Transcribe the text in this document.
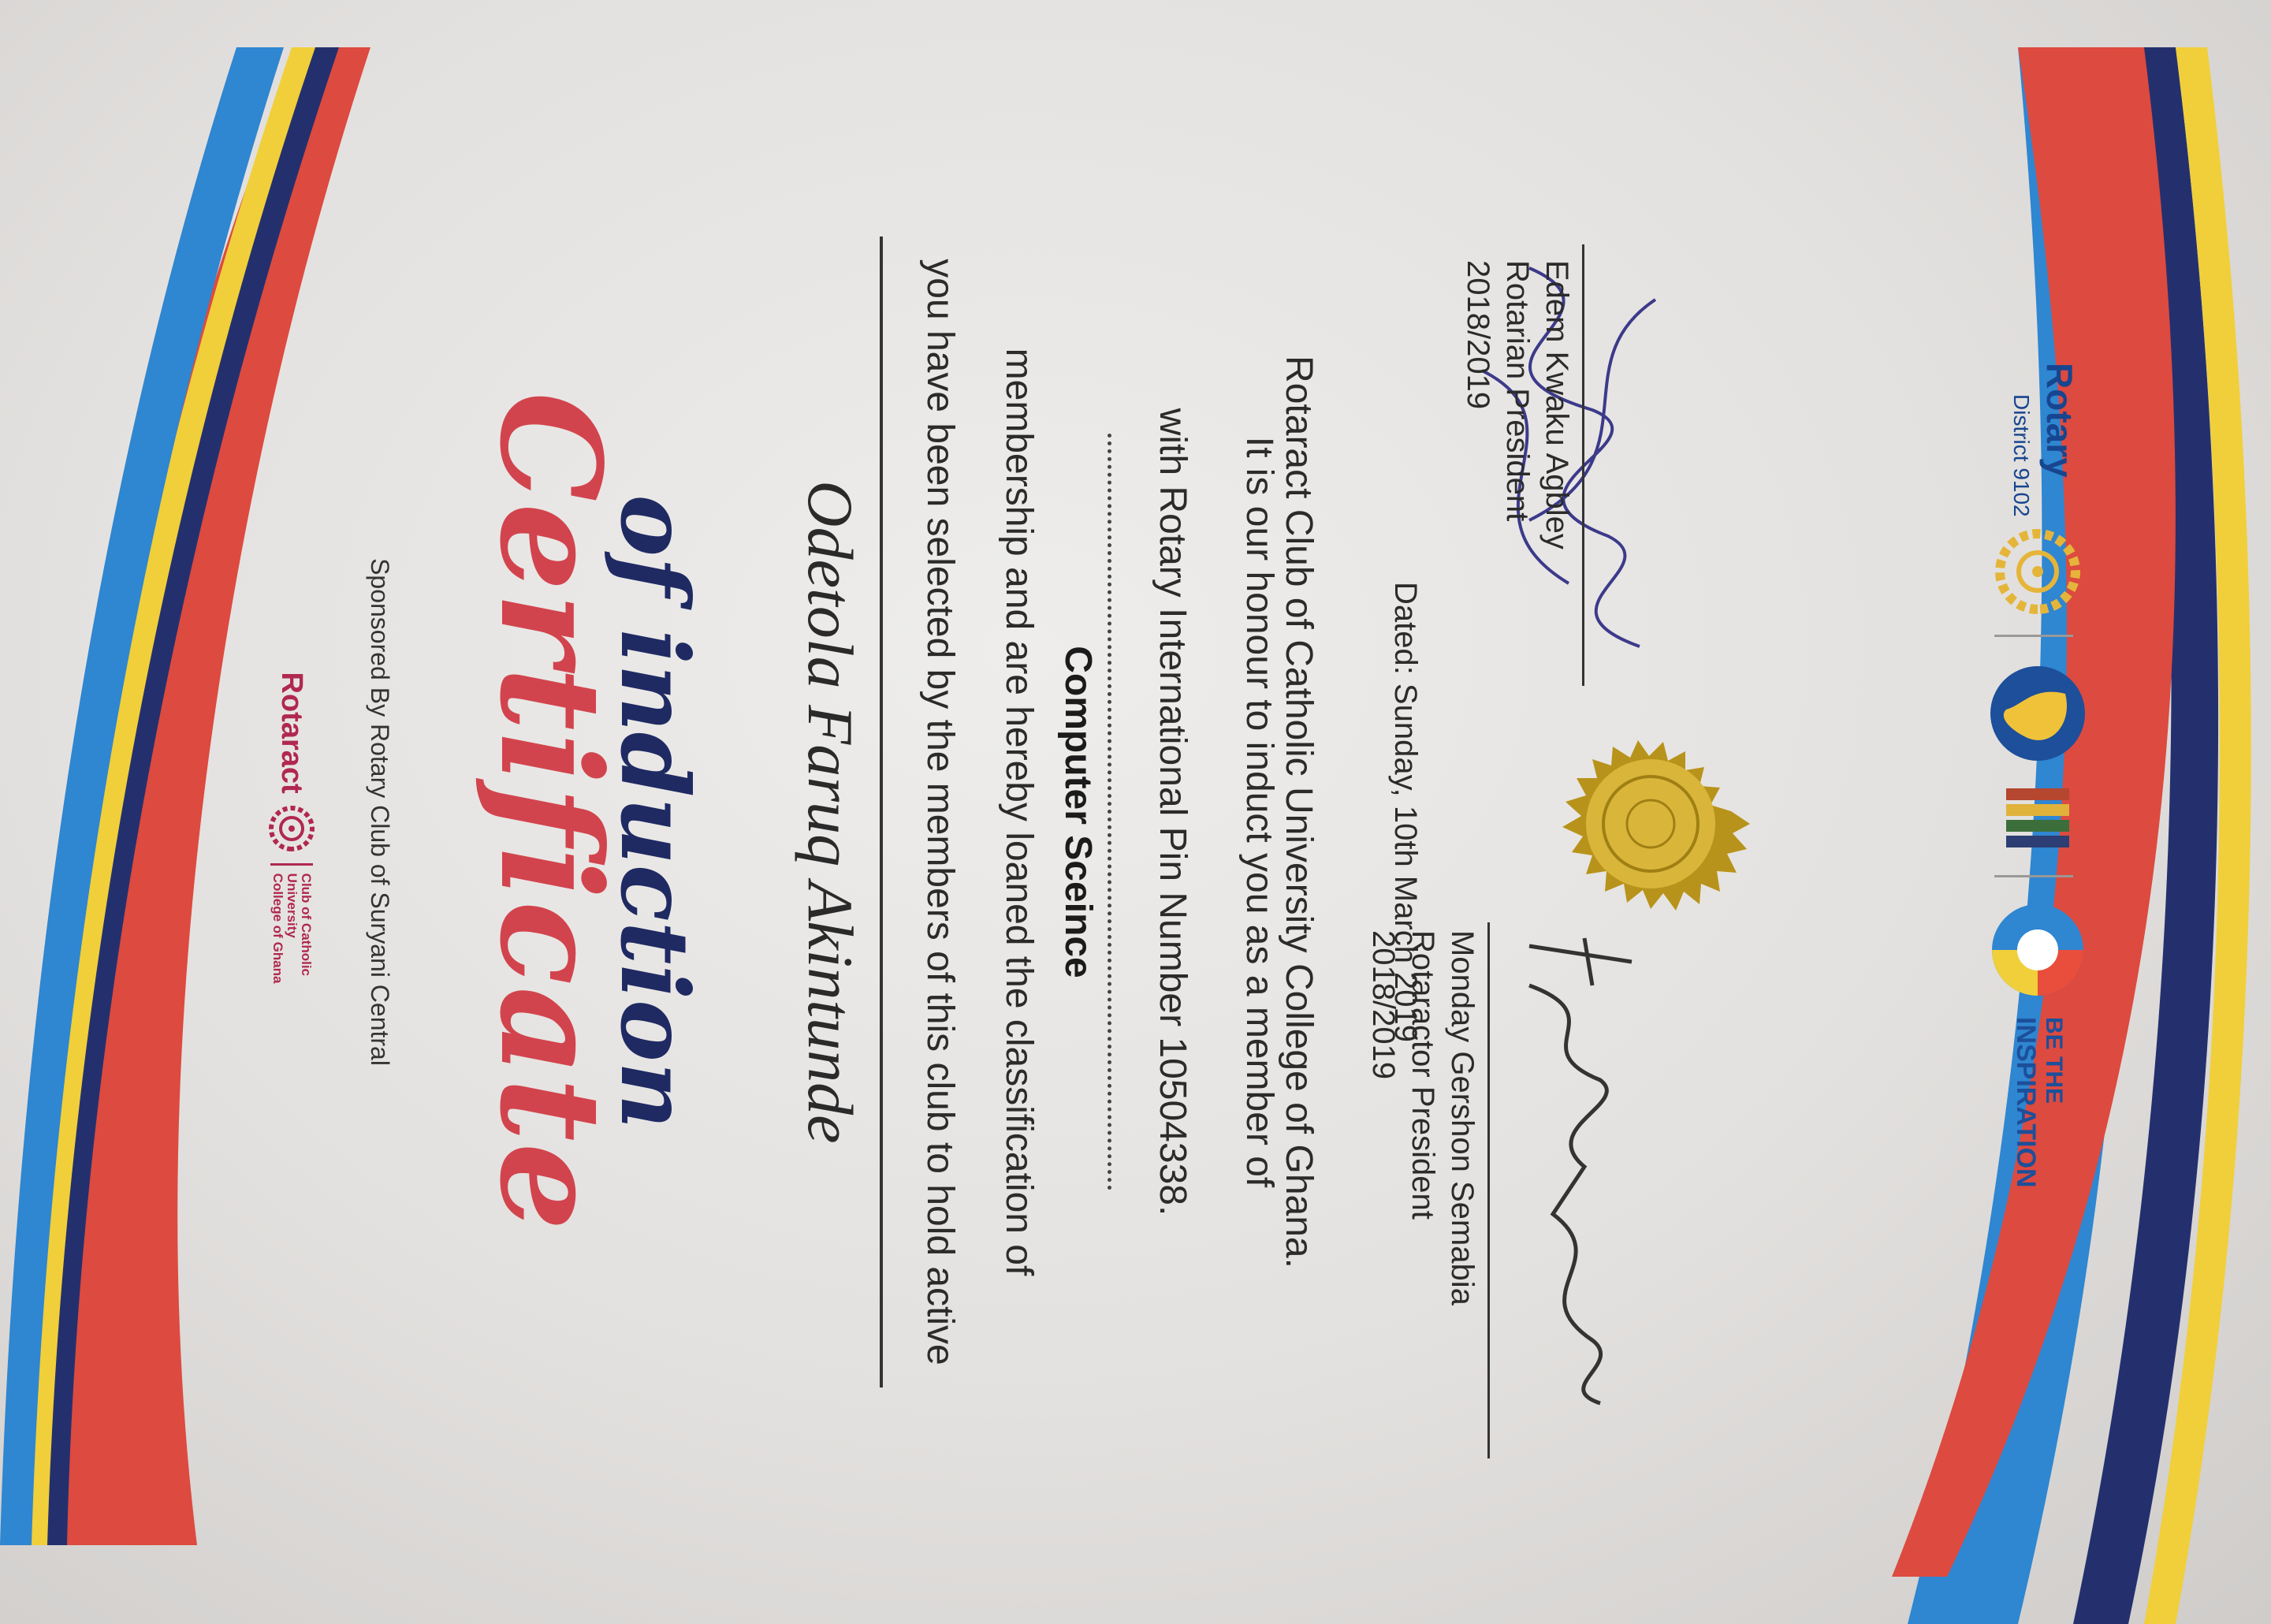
Rotaract
Club of Catholic
University
College of Ghana	Sponsored By Rotary Club of Suryani Central Certificate
of induction Odetola Faruq Akintunde you have been selected by the members of this club to hold active membership and are hereby loaned the classification of Computer Sceince with Rotary International Pin Number 10504338. It is our honour to induct you as a member of
Rotaract Club of Catholic University College of Ghana. Dated: Sunday, 10th March 2019
Edem Kwaku Agbley
Rotarian President
2018/2019
Monday Gershon Semabia
Rotaractor President
2018/2019
Rotary
District 9102
BE THE
INSPIRATION
